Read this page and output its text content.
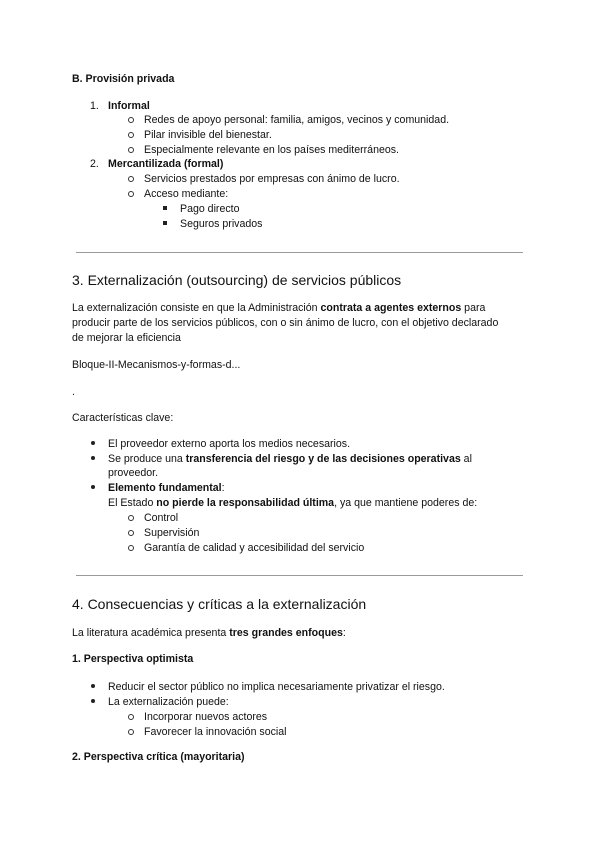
B. Provisión privada
1. Informal
Redes de apoyo personal: familia, amigos, vecinos y comunidad.
Pilar invisible del bienestar.
Especialmente relevante en los países mediterráneos.
2. Mercantilizada (formal)
Servicios prestados por empresas con ánimo de lucro.
Acceso mediante:
Pago directo
Seguros privados
3. Externalización (outsourcing) de servicios públicos
La externalización consiste en que la Administración contrata a agentes externos para
producir parte de los servicios públicos, con o sin ánimo de lucro, con el objetivo declarado
de mejorar la eficiencia
Bloque-II-Mecanismos-y-formas-d...
.
Características clave:
El proveedor externo aporta los medios necesarios.
Se produce una transferencia del riesgo y de las decisiones operativas al
proveedor.
Elemento fundamental:
El Estado no pierde la responsabilidad última, ya que mantiene poderes de:
Control
Supervisión
Garantía de calidad y accesibilidad del servicio
4. Consecuencias y críticas a la externalización
La literatura académica presenta tres grandes enfoques:
1. Perspectiva optimista
Reducir el sector público no implica necesariamente privatizar el riesgo.
La externalización puede:
Incorporar nuevos actores
Favorecer la innovación social
2. Perspectiva crítica (mayoritaria)
